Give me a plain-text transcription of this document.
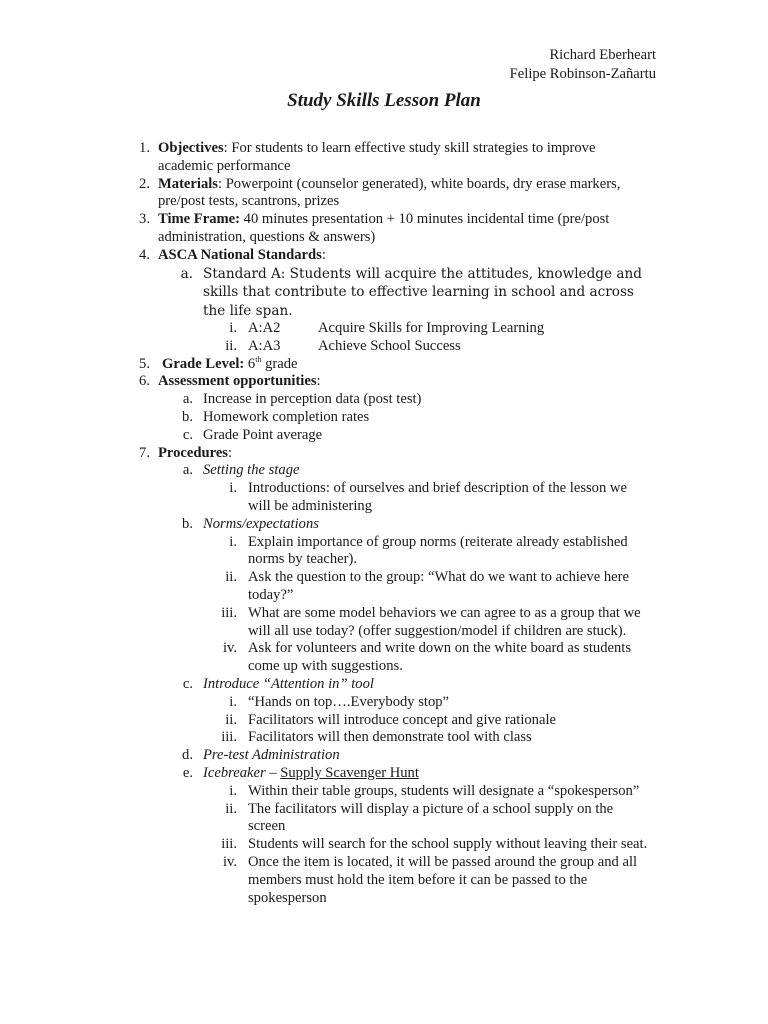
Richard Eberheart
Felipe Robinson-Zañartu
Study Skills Lesson Plan
1. Objectives: For students to learn effective study skill strategies to improve academic performance
2. Materials: Powerpoint (counselor generated), white boards, dry erase markers, pre/post tests, scantrons, prizes
3. Time Frame: 40 minutes presentation + 10 minutes incidental time (pre/post administration, questions & answers)
4. ASCA National Standards:
a. Standard A: Students will acquire the attitudes, knowledge and skills that contribute to effective learning in school and across the life span.
i. A:A2	Acquire Skills for Improving Learning
ii. A:A3	Achieve School Success
5. Grade Level: 6th grade
6. Assessment opportunities:
a. Increase in perception data (post test)
b. Homework completion rates
c. Grade Point average
7. Procedures:
a. Setting the stage
i. Introductions: of ourselves and brief description of the lesson we will be administering
b. Norms/expectations
i. Explain importance of group norms (reiterate already established norms by teacher).
ii. Ask the question to the group: “What do we want to achieve here today?”
iii. What are some model behaviors we can agree to as a group that we will all use today? (offer suggestion/model if children are stuck).
iv. Ask for volunteers and write down on the white board as students come up with suggestions.
c. Introduce “Attention in” tool
i. “Hands on top….Everybody stop”
ii. Facilitators will introduce concept and give rationale
iii. Facilitators will then demonstrate tool with class
d. Pre-test Administration
e. Icebreaker – Supply Scavenger Hunt
i. Within their table groups, students will designate a “spokesperson”
ii. The facilitators will display a picture of a school supply on the screen
iii. Students will search for the school supply without leaving their seat.
iv. Once the item is located, it will be passed around the group and all members must hold the item before it can be passed to the spokesperson
